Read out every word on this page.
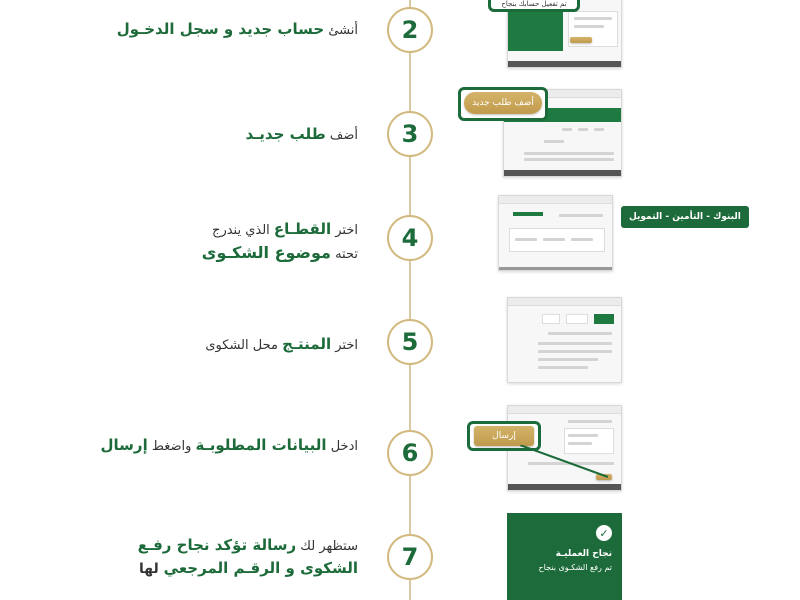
2
أنشئ حساب جديد و سجل الدخـول
تم تفعيل حسابك بنجاح
3
أضف طلب جديـد
أضف طلب جديد
4
اختر القطـاع الذي يندرج
تحته موضوع الشكـوى
البنوك - التأمين - التمويل
5
اختر المنتـج محل الشكوى
6
ادخل البيانات المطلوبـة واضغط إرسال	إرسال
7
ستظهر لك رسالة تؤكد نجاح رفـع
الشكوى و الرقـم المرجعي لها
✓
نجاح العمليـة
تم رفع الشكـوى بنجاح
